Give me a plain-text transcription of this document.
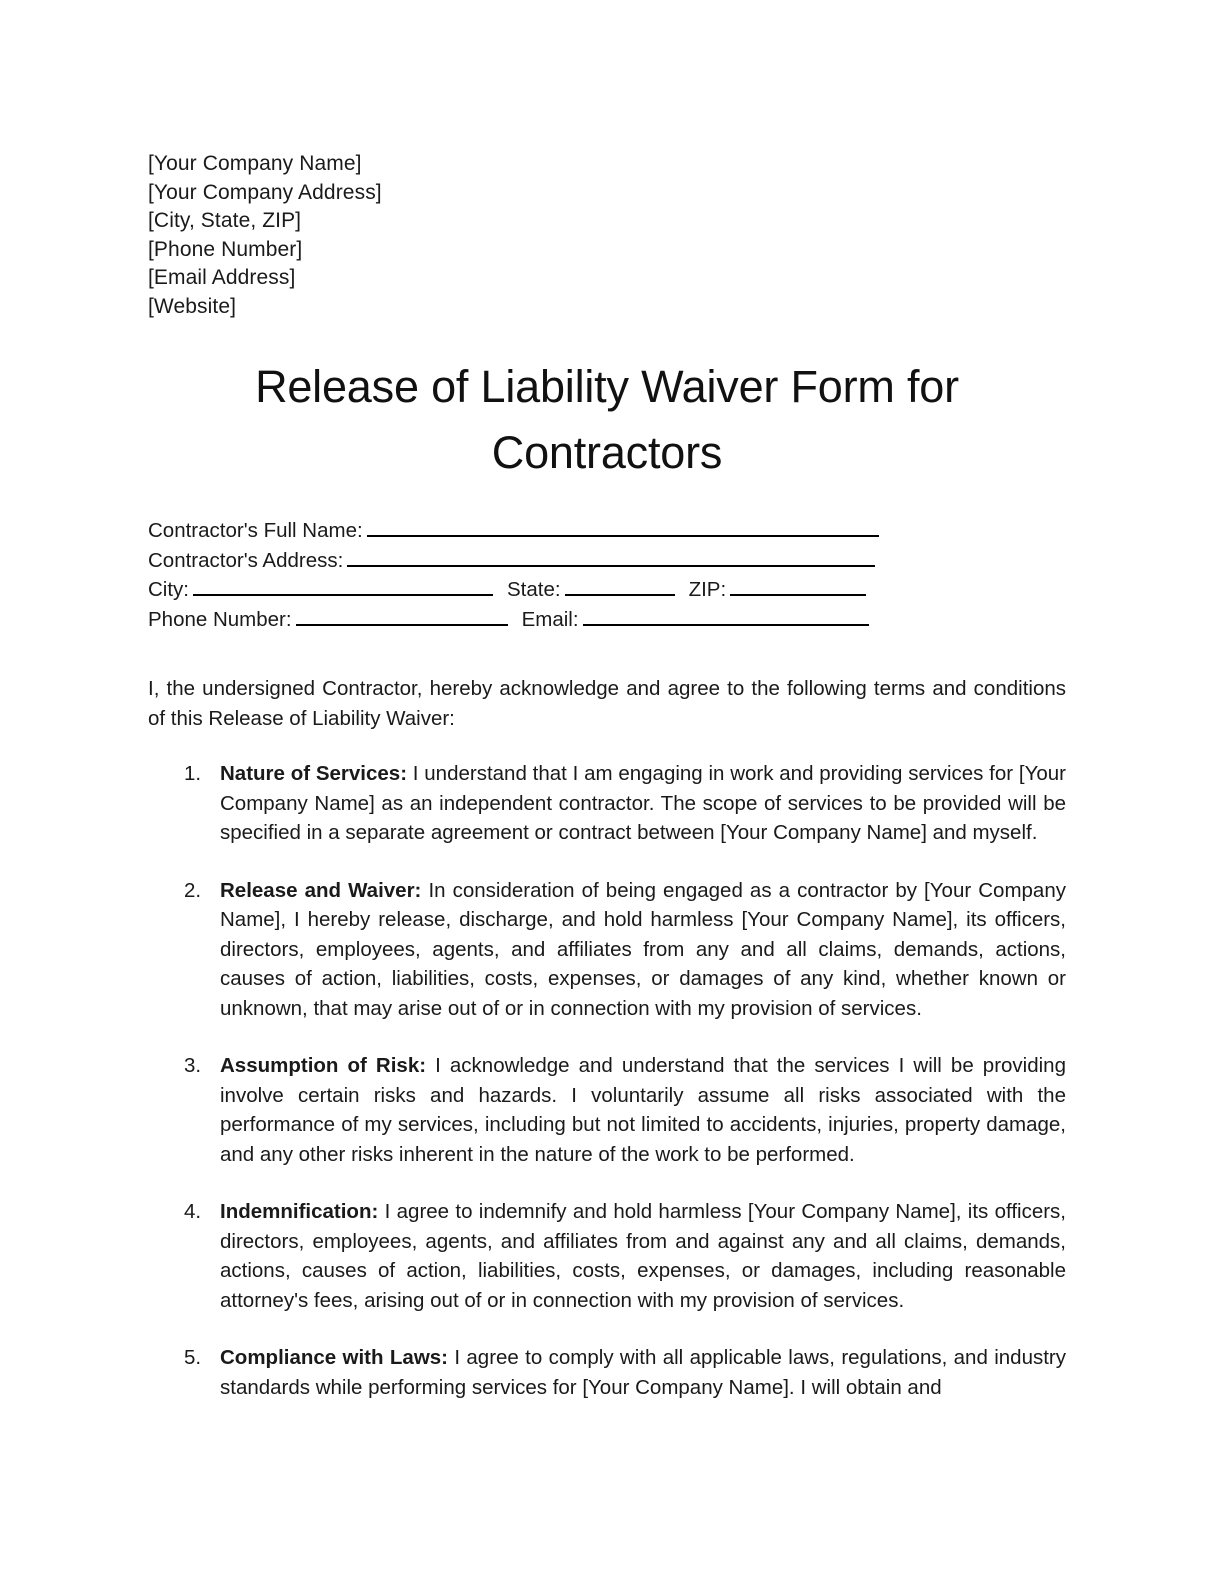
[Your Company Name]
[Your Company Address]
[City, State, ZIP]
[Phone Number]
[Email Address]
[Website]
Release of Liability Waiver Form for Contractors
Contractor's Full Name:
Contractor's Address:
City:	State:	ZIP:
Phone Number:	Email:

I, the undersigned Contractor, hereby acknowledge and agree to the following terms and conditions of this Release of Liability Waiver:

Nature of Services: I understand that I am engaging in work and providing services for [Your Company Name] as an independent contractor. The scope of services to be provided will be specified in a separate agreement or contract between [Your Company Name] and myself.
Release and Waiver: In consideration of being engaged as a contractor by [Your Company Name], I hereby release, discharge, and hold harmless [Your Company Name], its officers, directors, employees, agents, and affiliates from any and all claims, demands, actions, causes of action, liabilities, costs, expenses, or damages of any kind, whether known or unknown, that may arise out of or in connection with my provision of services.
Assumption of Risk: I acknowledge and understand that the services I will be providing involve certain risks and hazards. I voluntarily assume all risks associated with the performance of my services, including but not limited to accidents, injuries, property damage, and any other risks inherent in the nature of the work to be performed.
Indemnification: I agree to indemnify and hold harmless [Your Company Name], its officers, directors, employees, agents, and affiliates from and against any and all claims, demands, actions, causes of action, liabilities, costs, expenses, or damages, including reasonable attorney's fees, arising out of or in connection with my provision of services.
Compliance with Laws: I agree to comply with all applicable laws, regulations, and industry standards while performing services for [Your Company Name]. I will obtain and
